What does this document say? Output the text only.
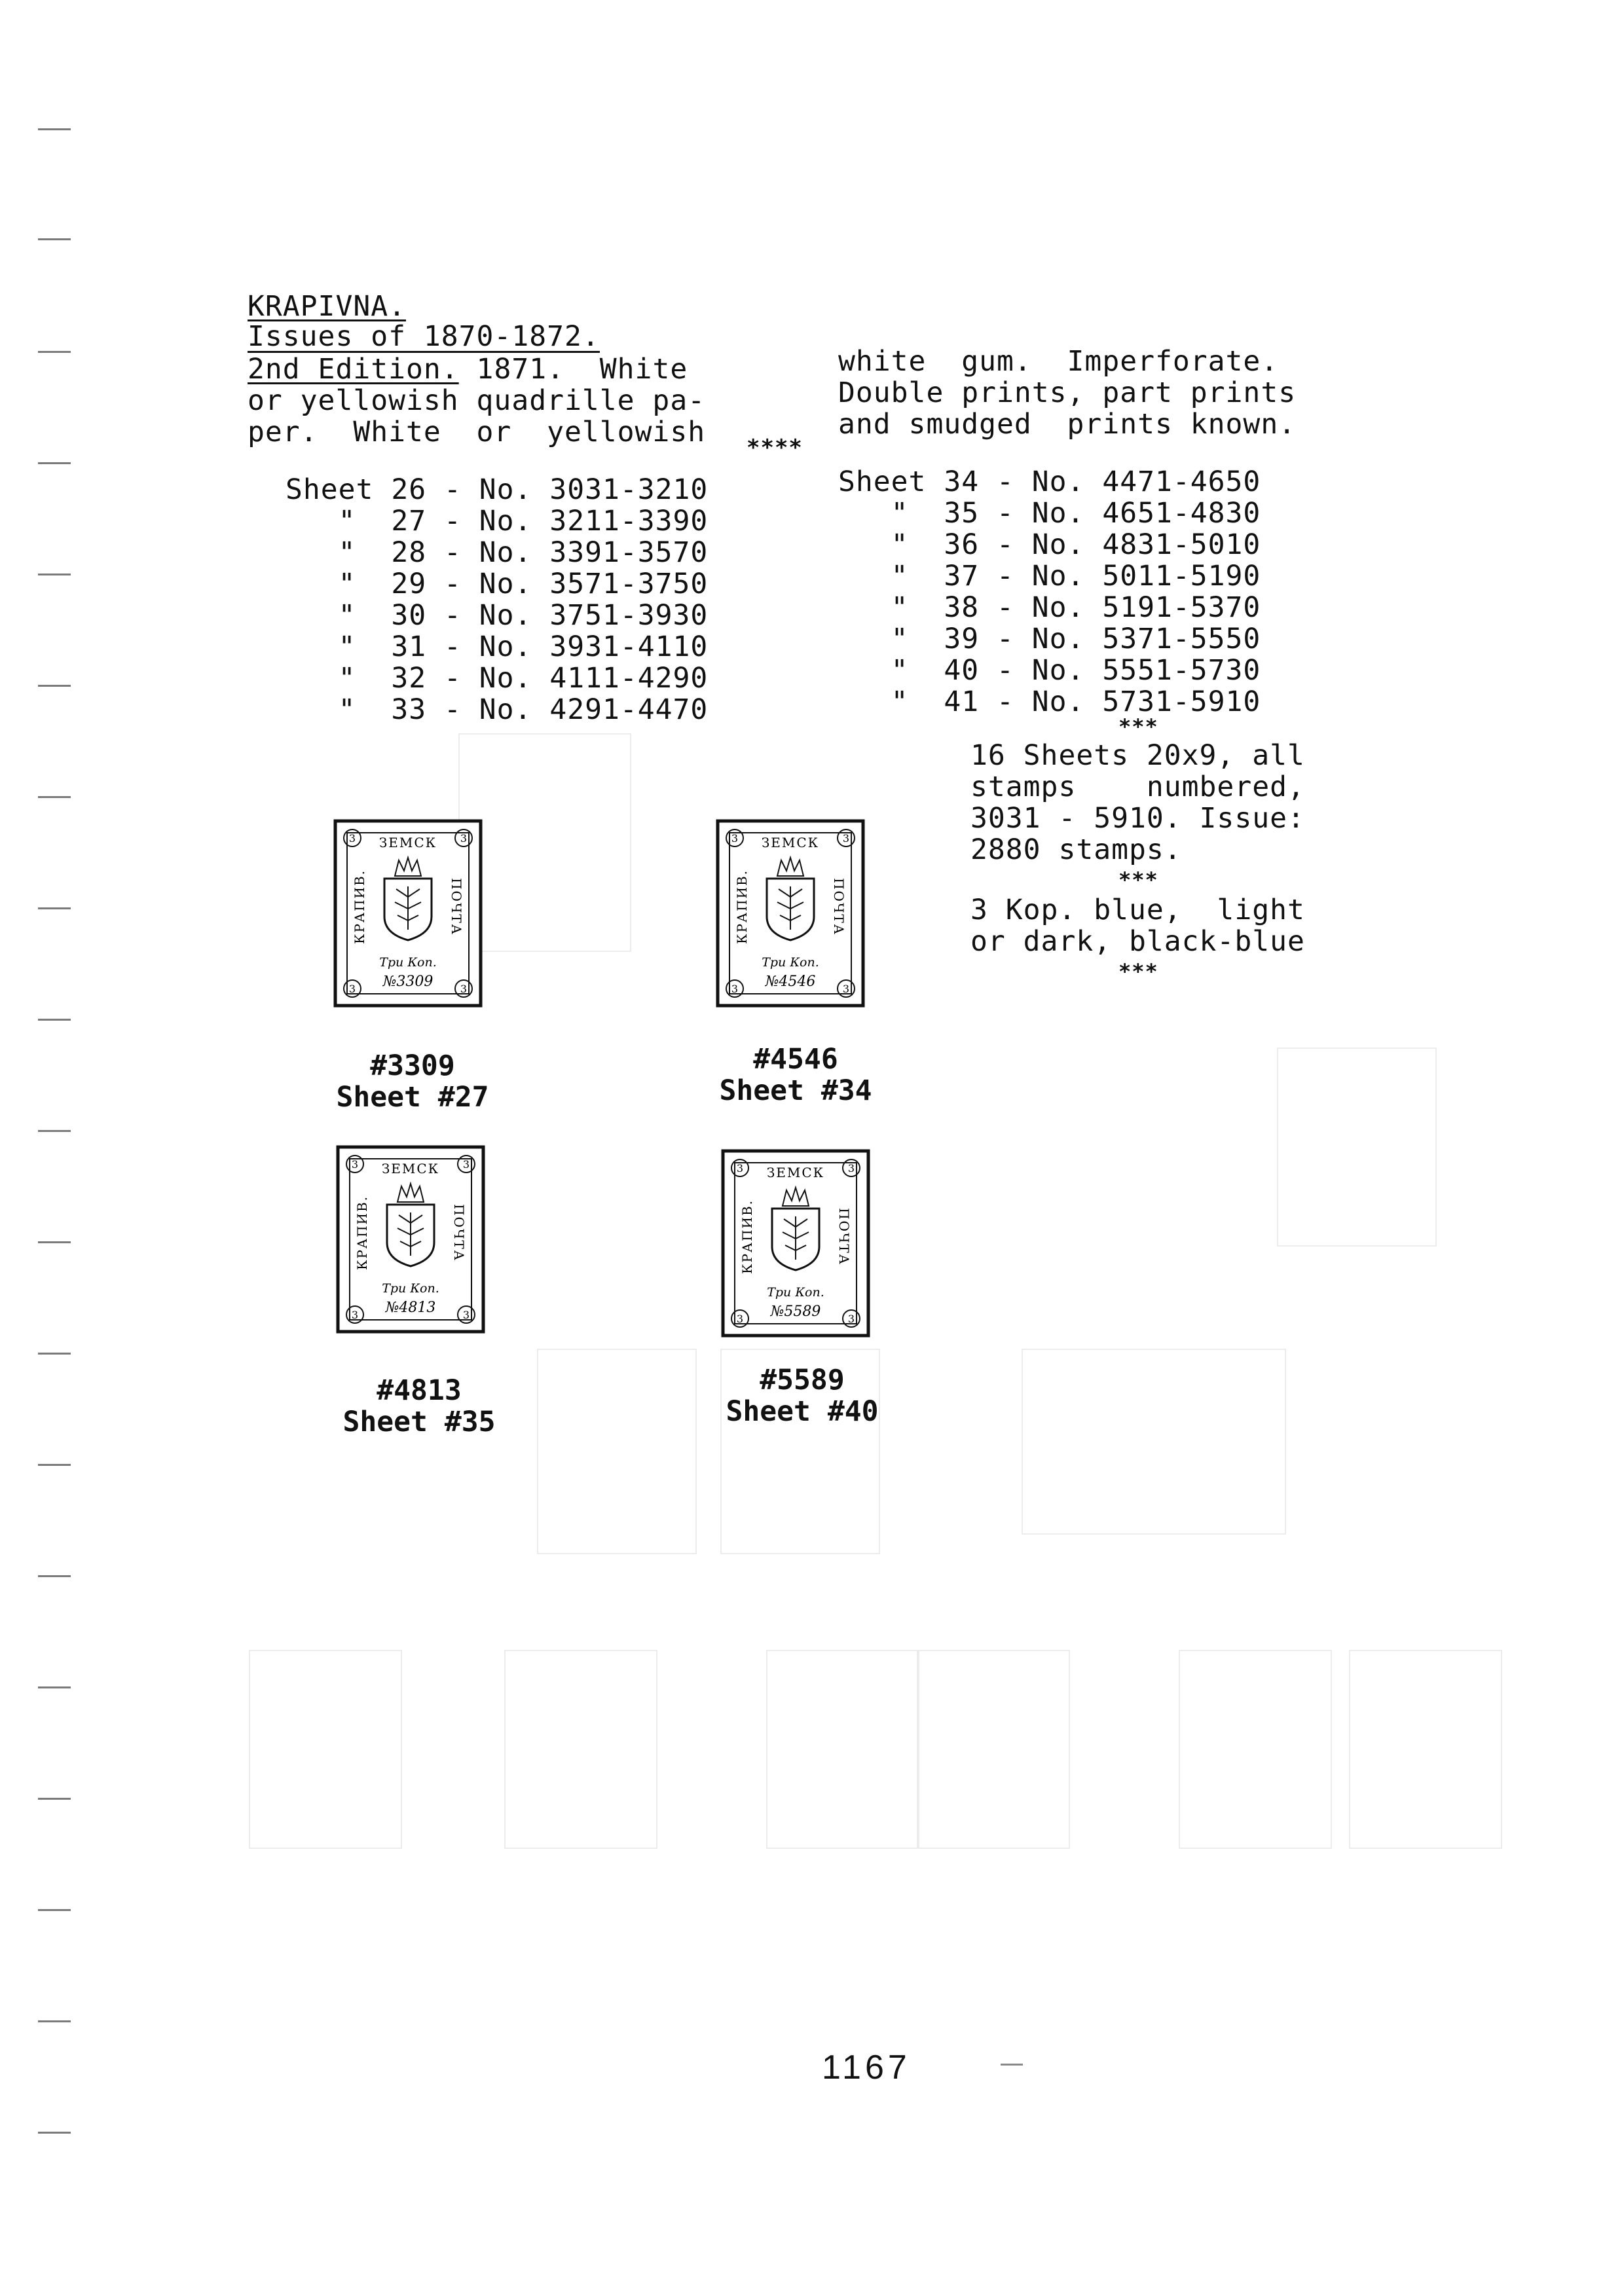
KRAPIVNA.
Issues of 1870-1872.
2nd Edition. 1871.  White
or yellowish quadrille pa-
per.  White  or  yellowish
white  gum.  Imperforate.
Double prints, part prints
and smudged  prints known.
****
Sheet 26 - No. 3031-3210
"  27 - No. 3211-3390
"  28 - No. 3391-3570
"  29 - No. 3571-3750
"  30 - No. 3751-3930
"  31 - No. 3931-4110
"  32 - No. 4111-4290
"  33 - No. 4291-4470
Sheet 34 - No. 4471-4650
"  35 - No. 4651-4830
"  36 - No. 4831-5010
"  37 - No. 5011-5190
"  38 - No. 5191-5370
"  39 - No. 5371-5550
"  40 - No. 5551-5730
"  41 - No. 5731-5910
***
16 Sheets 20x9, all
stamps    numbered,
3031 - 5910. Issue:
2880 stamps.
***
3 Kop. blue,  light
or dark, black-blue
***
3	3
3	3
ЗЕМСК
КРАПИВ.	ПОЧТА
Три Коп.
№3309
#3309
Sheet #27
3	3
3	3
ЗЕМСК
КРАПИВ.	ПОЧТА
Три Коп.
№4546
#4546
Sheet #34
3	3
3	3
ЗЕМСК
КРАПИВ.	ПОЧТА
Три Коп.
№4813
#4813
Sheet #35
3	3
3	3
ЗЕМСК
КРАПИВ.	ПОЧТА
Три Коп.
№5589
#5589
Sheet #40
1167
